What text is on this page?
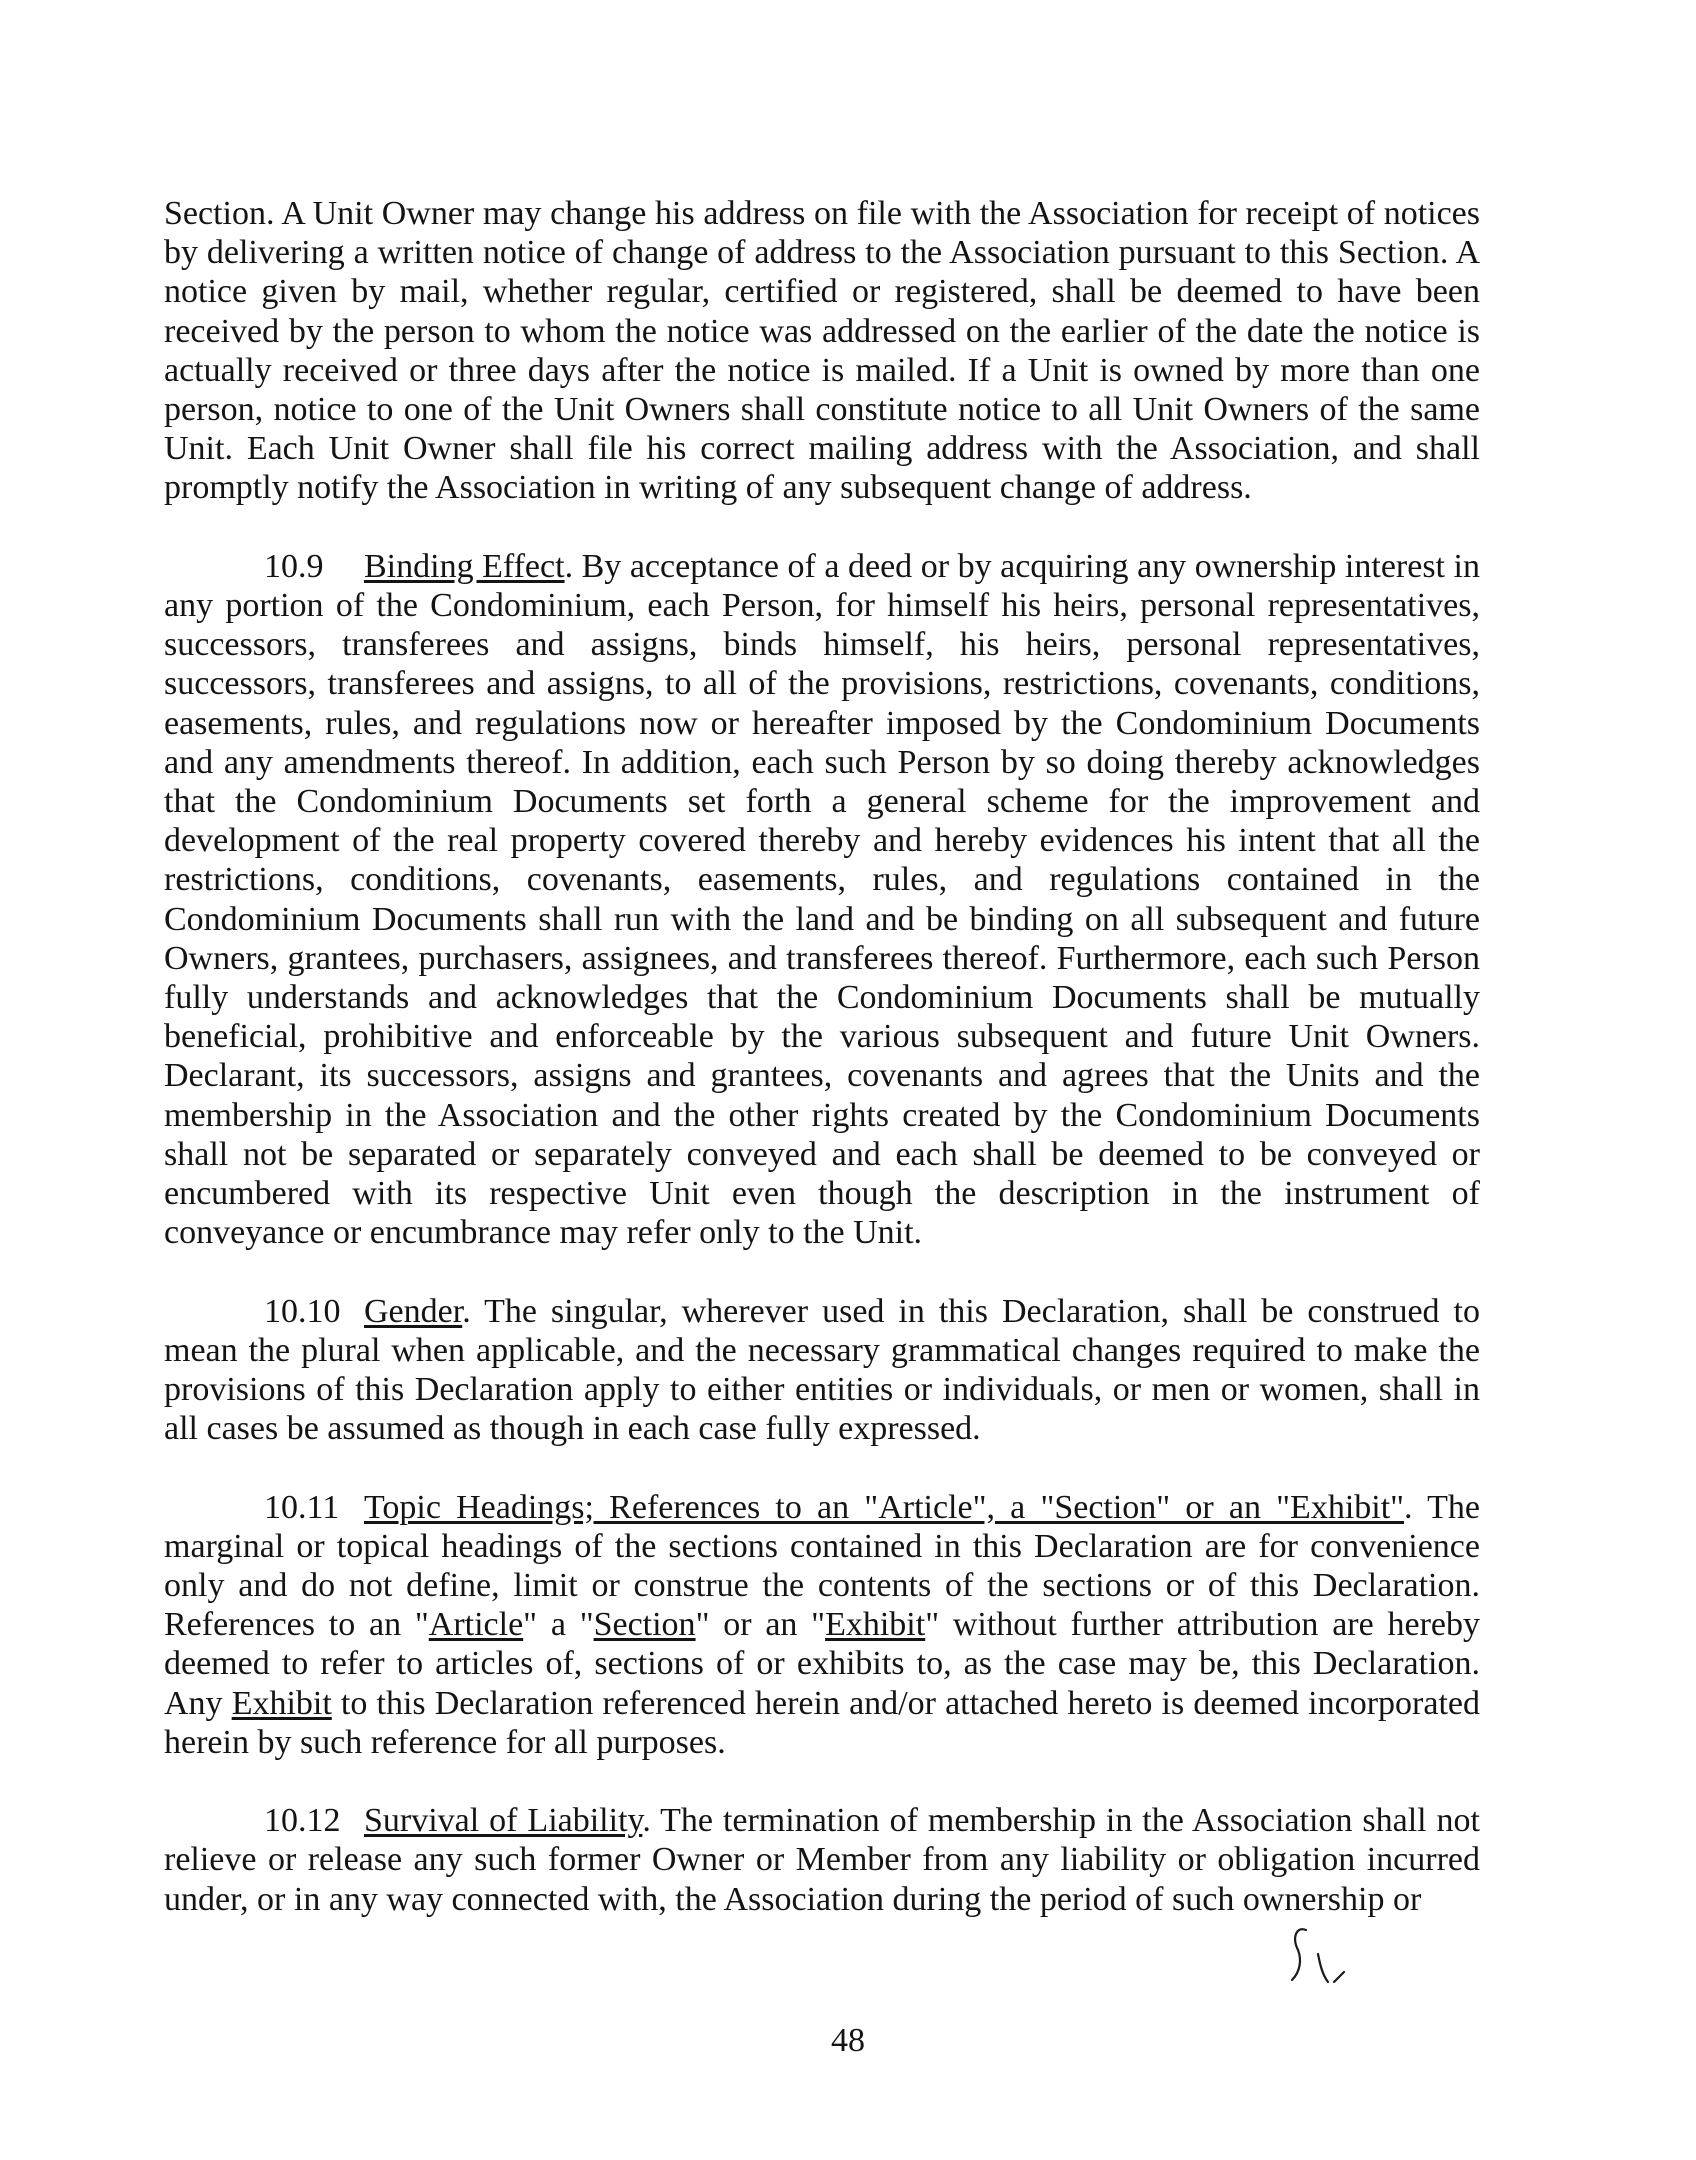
Section. A Unit Owner may change his address on file with the Association for receipt of notices by delivering a written notice of change of address to the Association pursuant to this Section. A notice given by mail, whether regular, certified or registered, shall be deemed to have been received by the person to whom the notice was addressed on the earlier of the date the notice is actually received or three days after the notice is mailed. If a Unit is owned by more than one person, notice to one of the Unit Owners shall constitute notice to all Unit Owners of the same Unit. Each Unit Owner shall file his correct mailing address with the Association, and shall promptly notify the Association in writing of any subsequent change of address.

10.9 Binding Effect. By acceptance of a deed or by acquiring any ownership interest in any portion of the Condominium, each Person, for himself his heirs, personal representatives, successors, transferees and assigns, binds himself, his heirs, personal representatives, successors, transferees and assigns, to all of the provisions, restrictions, covenants, conditions, easements, rules, and regulations now or hereafter imposed by the Condominium Documents and any amendments thereof. In addition, each such Person by so doing thereby acknowledges that the Condominium Documents set forth a general scheme for the improvement and development of the real property covered thereby and hereby evidences his intent that all the restrictions, conditions, covenants, easements, rules, and regulations contained in the Condominium Documents shall run with the land and be binding on all subsequent and future Owners, grantees, purchasers, assignees, and transferees thereof. Furthermore, each such Person fully understands and acknowledges that the Condominium Documents shall be mutually beneficial, prohibitive and enforceable by the various subsequent and future Unit Owners. Declarant, its successors, assigns and grantees, covenants and agrees that the Units and the membership in the Association and the other rights created by the Condominium Documents shall not be separated or separately conveyed and each shall be deemed to be conveyed or encumbered with its respective Unit even though the description in the instrument of conveyance or encumbrance may refer only to the Unit.

10.10 Gender. The singular, wherever used in this Declaration, shall be construed to mean the plural when applicable, and the necessary grammatical changes required to make the provisions of this Declaration apply to either entities or individuals, or men or women, shall in all cases be assumed as though in each case fully expressed.

10.11 Topic Headings; References to an "Article", a "Section" or an "Exhibit". The marginal or topical headings of the sections contained in this Declaration are for convenience only and do not define, limit or construe the contents of the sections or of this Declaration. References to an "Article" a "Section" or an "Exhibit" without further attribution are hereby deemed to refer to articles of, sections of or exhibits to, as the case may be, this Declaration. Any Exhibit to this Declaration referenced herein and/or attached hereto is deemed incorporated herein by such reference for all purposes.

10.12 Survival of Liability. The termination of membership in the Association shall not relieve or release any such former Owner or Member from any liability or obligation incurred under, or in any way connected with, the Association during the period of such ownership or

48
